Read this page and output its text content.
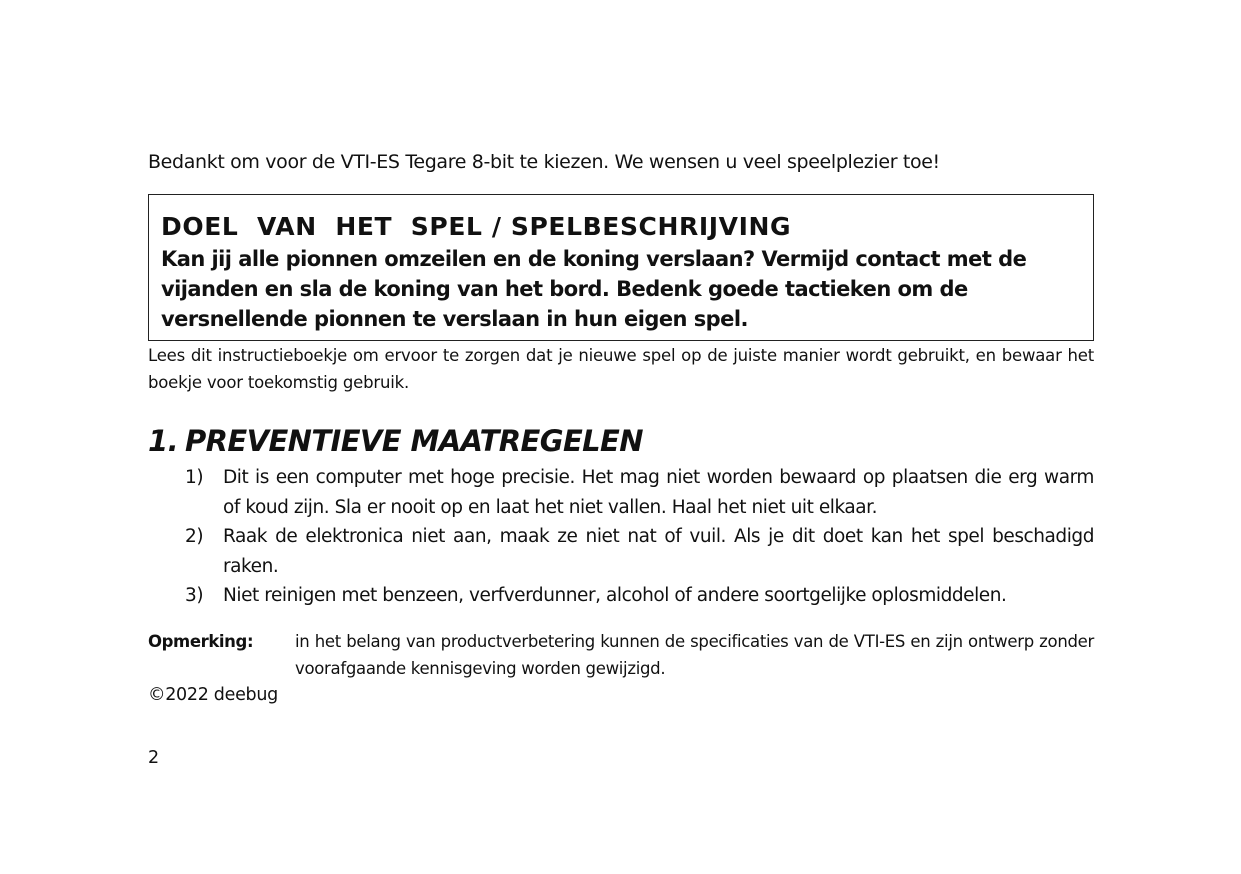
Bedankt om voor de VTI-ES Tegare 8-bit te kiezen. We wensen u veel speelplezier toe!
DOEL  VAN  HET  SPEL / SPELBESCHRIJVING
Kan jij alle pionnen omzeilen en de koning verslaan? Vermijd contact met de vijanden en sla de koning van het bord. Bedenk goede tactieken om de versnellende pionnen te verslaan in hun eigen spel.
Lees dit instructieboekje om ervoor te zorgen dat je nieuwe spel op de juiste manier wordt gebruikt, en bewaar het boekje voor toekomstig gebruik.
1. PREVENTIEVE MAATREGELEN
1) Dit is een computer met hoge precisie. Het mag niet worden bewaard op plaatsen die erg warm of koud zijn. Sla er nooit op en laat het niet vallen. Haal het niet uit elkaar.
2) Raak de elektronica niet aan, maak ze niet nat of vuil. Als je dit doet kan het spel beschadigd raken.
3) Niet reinigen met benzeen, verfverdunner, alcohol of andere soortgelijke oplosmiddelen.
Opmerking:	in het belang van productverbetering kunnen de specificaties van de VTI-ES en zijn ontwerp zonder voorafgaande kennisgeving worden gewijzigd.
©2022 deebug
2
